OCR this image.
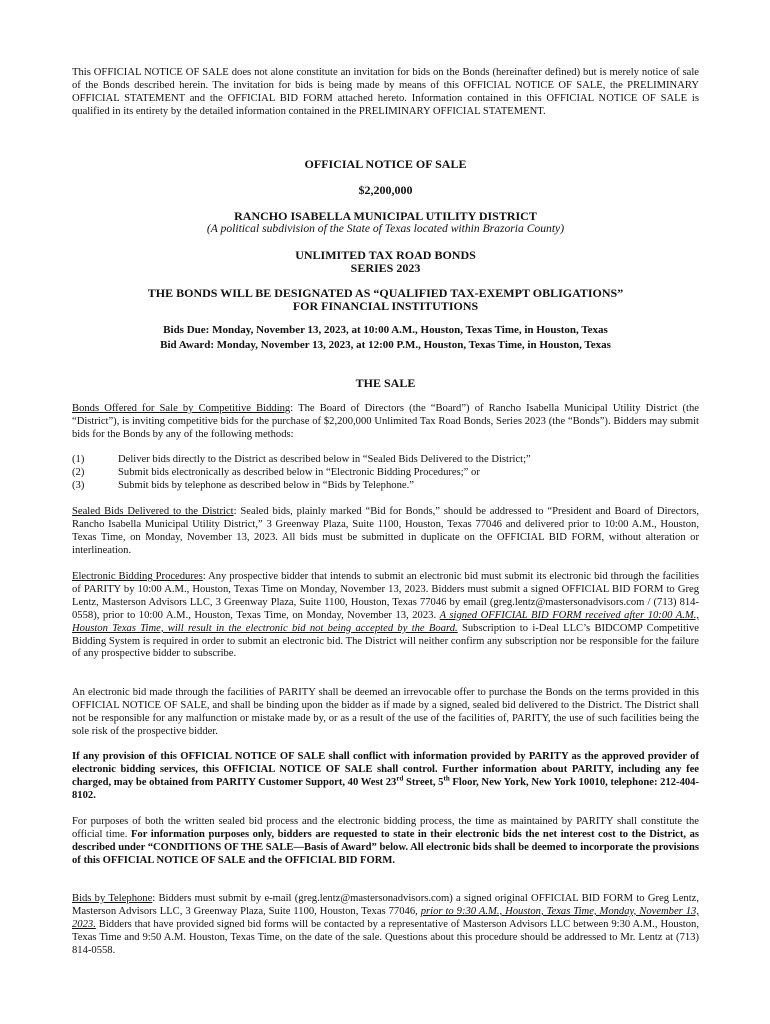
This OFFICIAL NOTICE OF SALE does not alone constitute an invitation for bids on the Bonds (hereinafter defined) but is merely notice of sale of the Bonds described herein. The invitation for bids is being made by means of this OFFICIAL NOTICE OF SALE, the PRELIMINARY OFFICIAL STATEMENT and the OFFICIAL BID FORM attached hereto. Information contained in this OFFICIAL NOTICE OF SALE is qualified in its entirety by the detailed information contained in the PRELIMINARY OFFICIAL STATEMENT.

OFFICIAL NOTICE OF SALE
$2,200,000
RANCHO ISABELLA MUNICIPAL UTILITY DISTRICT
(A political subdivision of the State of Texas located within Brazoria County)
UNLIMITED TAX ROAD BONDS
SERIES 2023
THE BONDS WILL BE DESIGNATED AS “QUALIFIED TAX-EXEMPT OBLIGATIONS”
FOR FINANCIAL INSTITUTIONS
Bids Due: Monday, November 13, 2023, at 10:00 A.M., Houston, Texas Time, in Houston, Texas
Bid Award: Monday, November 13, 2023, at 12:00 P.M., Houston, Texas Time, in Houston, Texas
THE SALE

Bonds Offered for Sale by Competitive Bidding: The Board of Directors (the “Board”) of Rancho Isabella Municipal Utility District (the “District”), is inviting competitive bids for the purchase of $2,200,000 Unlimited Tax Road Bonds, Series 2023 (the “Bonds”). Bidders may submit bids for the Bonds by any of the following methods:

(1)	Deliver bids directly to the District as described below in “Sealed Bids Delivered to the District;”
(2)	Submit bids electronically as described below in “Electronic Bidding Procedures;” or
(3)	Submit bids by telephone as described below in “Bids by Telephone.”

Sealed Bids Delivered to the District: Sealed bids, plainly marked “Bid for Bonds,” should be addressed to “President and Board of Directors, Rancho Isabella Municipal Utility District,” 3 Greenway Plaza, Suite 1100, Houston, Texas 77046 and delivered prior to 10:00 A.M., Houston, Texas Time, on Monday, November 13, 2023. All bids must be submitted in duplicate on the OFFICIAL BID FORM, without alteration or interlineation.

Electronic Bidding Procedures: Any prospective bidder that intends to submit an electronic bid must submit its electronic bid through the facilities of PARITY by 10:00 A.M., Houston, Texas Time on Monday, November 13, 2023. Bidders must submit a signed OFFICIAL BID FORM to Greg Lentz, Masterson Advisors LLC, 3 Greenway Plaza, Suite 1100, Houston, Texas 77046 by email (greg.lentz@mastersonadvisors.com / (713) 814-0558), prior to 10:00 A.M., Houston, Texas Time, on Monday, November 13, 2023. A signed OFFICIAL BID FORM received after 10:00 A.M., Houston Texas Time, will result in the electronic bid not being accepted by the Board. Subscription to i-Deal LLC’s BIDCOMP Competitive Bidding System is required in order to submit an electronic bid. The District will neither confirm any subscription nor be responsible for the failure of any prospective bidder to subscribe.

An electronic bid made through the facilities of PARITY shall be deemed an irrevocable offer to purchase the Bonds on the terms provided in this OFFICIAL NOTICE OF SALE, and shall be binding upon the bidder as if made by a signed, sealed bid delivered to the District. The District shall not be responsible for any malfunction or mistake made by, or as a result of the use of the facilities of, PARITY, the use of such facilities being the sole risk of the prospective bidder.

If any provision of this OFFICIAL NOTICE OF SALE shall conflict with information provided by PARITY as the approved provider of electronic bidding services, this OFFICIAL NOTICE OF SALE shall control. Further information about PARITY, including any fee charged, may be obtained from PARITY Customer Support, 40 West 23rd Street, 5th Floor, New York, New York 10010, telephone: 212-404-8102.

For purposes of both the written sealed bid process and the electronic bidding process, the time as maintained by PARITY shall constitute the official time. For information purposes only, bidders are requested to state in their electronic bids the net interest cost to the District, as described under “CONDITIONS OF THE SALE—Basis of Award” below. All electronic bids shall be deemed to incorporate the provisions of this OFFICIAL NOTICE OF SALE and the OFFICIAL BID FORM.

Bids by Telephone: Bidders must submit by e-mail (greg.lentz@mastersonadvisors.com) a signed original OFFICIAL BID FORM to Greg Lentz, Masterson Advisors LLC, 3 Greenway Plaza, Suite 1100, Houston, Texas 77046, prior to 9:30 A.M., Houston, Texas Time, Monday, November 13, 2023. Bidders that have provided signed bid forms will be contacted by a representative of Masterson Advisors LLC between 9:30 A.M., Houston, Texas Time and 9:50 A.M. Houston, Texas Time, on the date of the sale. Questions about this procedure should be addressed to Mr. Lentz at (713) 814-0558.
